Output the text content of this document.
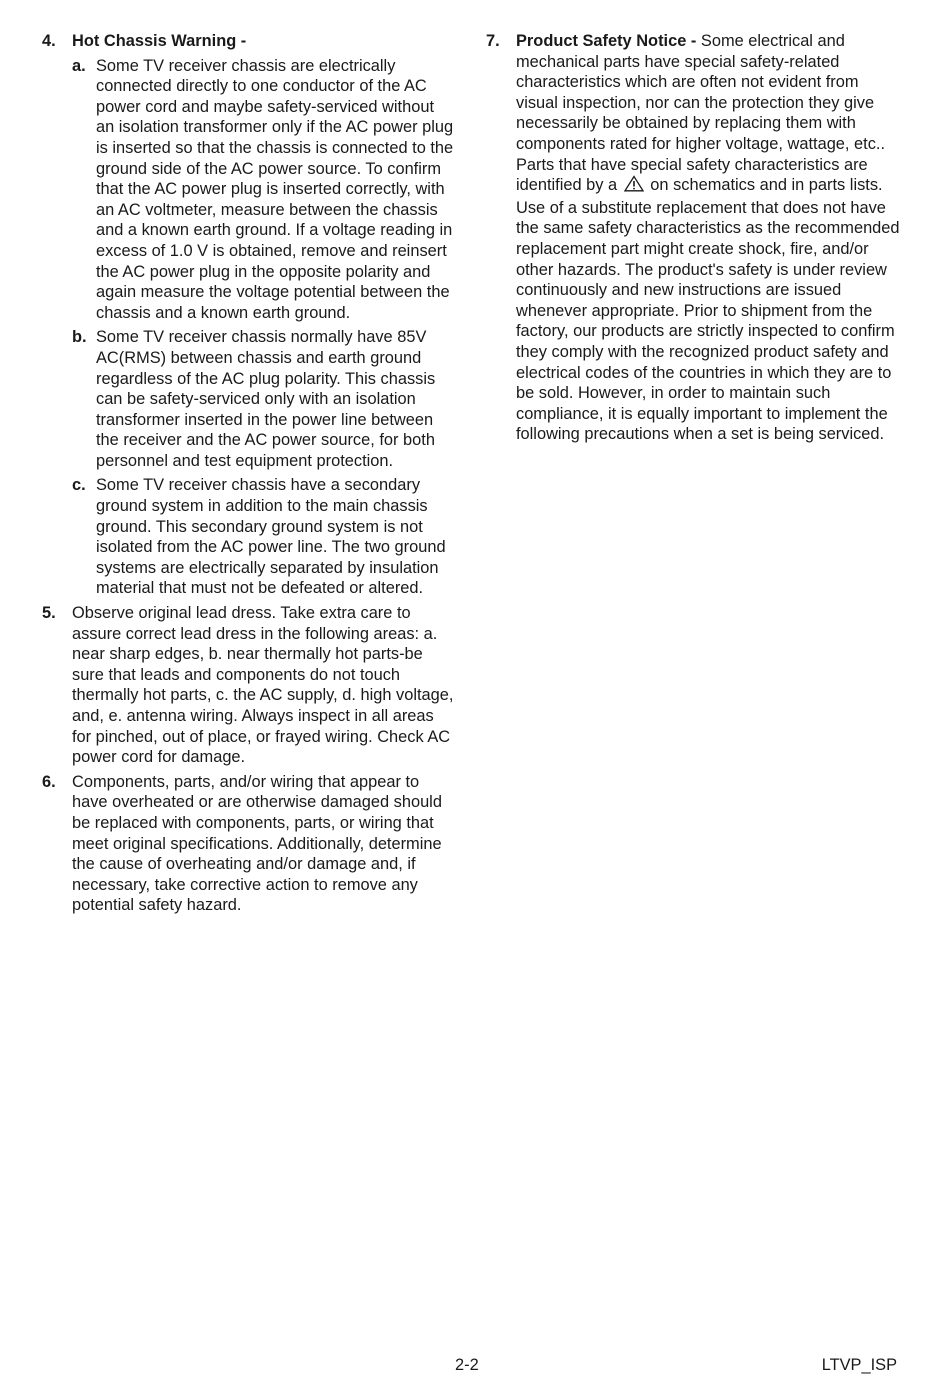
4. Hot Chassis Warning -
a. Some TV receiver chassis are electrically connected directly to one conductor of the AC power cord and maybe safety-serviced without an isolation transformer only if the AC power plug is inserted so that the chassis is connected to the ground side of the AC power source. To confirm that the AC power plug is inserted correctly, with an AC voltmeter, measure between the chassis and a known earth ground. If a voltage reading in excess of 1.0 V is obtained, remove and reinsert the AC power plug in the opposite polarity and again measure the voltage potential between the chassis and a known earth ground.
b. Some TV receiver chassis normally have 85V AC(RMS) between chassis and earth ground regardless of the AC plug polarity. This chassis can be safety-serviced only with an isolation transformer inserted in the power line between the receiver and the AC power source, for both personnel and test equipment protection.
c. Some TV receiver chassis have a secondary ground system in addition to the main chassis ground. This secondary ground system is not isolated from the AC power line. The two ground systems are electrically separated by insulation material that must not be defeated or altered.
5. Observe original lead dress. Take extra care to assure correct lead dress in the following areas: a. near sharp edges, b. near thermally hot parts-be sure that leads and components do not touch thermally hot parts, c. the AC supply, d. high voltage, and, e. antenna wiring. Always inspect in all areas for pinched, out of place, or frayed wiring. Check AC power cord for damage.
6. Components, parts, and/or wiring that appear to have overheated or are otherwise damaged should be replaced with components, parts, or wiring that meet original specifications. Additionally, determine the cause of overheating and/or damage and, if necessary, take corrective action to remove any potential safety hazard.
7. Product Safety Notice - Some electrical and mechanical parts have special safety-related characteristics which are often not evident from visual inspection, nor can the protection they give necessarily be obtained by replacing them with components rated for higher voltage, wattage, etc.. Parts that have special safety characteristics are identified by a on schematics and in parts lists. Use of a substitute replacement that does not have the same safety characteristics as the recommended replacement part might create shock, fire, and/or other hazards. The product's safety is under review continuously and new instructions are issued whenever appropriate. Prior to shipment from the factory, our products are strictly inspected to confirm they comply with the recognized product safety and electrical codes of the countries in which they are to be sold. However, in order to maintain such compliance, it is equally important to implement the following precautions when a set is being serviced.
2-2	LTVP_ISP
